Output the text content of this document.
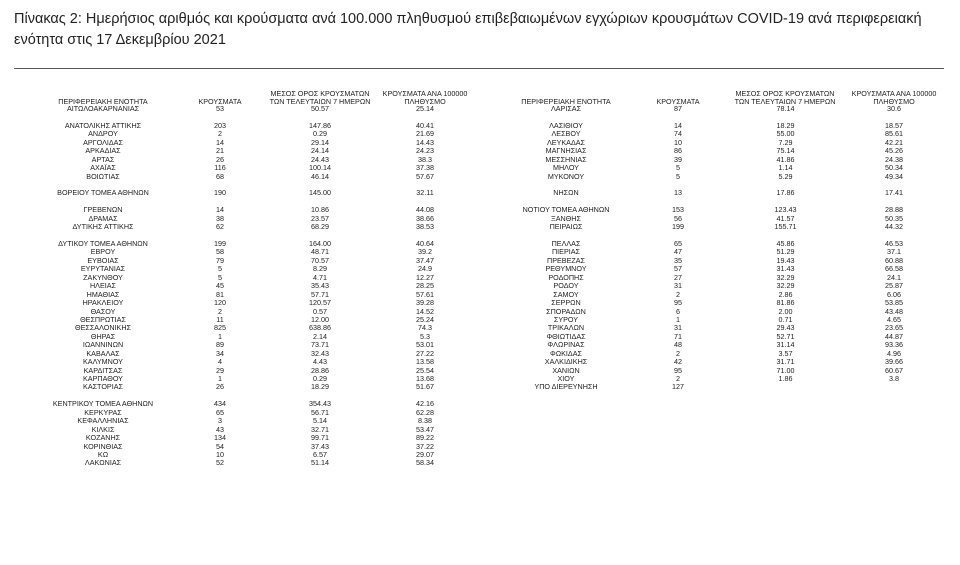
Πίνακας 2: Ημερήσιος αριθμός και κρούσματα ανά 100.000 πληθυσμού επιβεβαιωμένων εγχώριων κρουσμάτων COVID-19 ανά περιφερειακή ενότητα στις 17 Δεκεμβρίου 2021
ΠΕΡΙΦΕΡΕΙΑΚΗ ΕΝΟΤΗΤΑ	ΚΡΟΥΣΜΑΤΑ
ΜΕΣΟΣ ΟΡΟΣ ΚΡΟΥΣΜΑΤΩΝ
ΤΩΝ ΤΕΛΕΥΤΑΙΩΝ 7 ΗΜΕΡΩΝ
ΚΡΟΥΣΜΑΤΑ ΑΝΑ 100000
ΠΛΗΘΥΣΜΟ
ΑΙΤΩΛΟΑΚΑΡΝΑΝΙΑΣ	53	50.57	25.14
ΑΝΑΤΟΛΙΚΗΣ ΑΤΤΙΚΗΣ	203	147.86	40.41
ΑΝΔΡΟΥ	2	0.29	21.69
ΑΡΓΟΛΙΔΑΣ	14	29.14	14.43
ΑΡΚΑΔΙΑΣ	21	24.14	24.23
ΑΡΤΑΣ	26	24.43	38.3
ΑΧΑΪΑΣ	116	100.14	37.38
ΒΟΙΩΤΙΑΣ	68	46.14	57.67
ΒΟΡΕΙΟΥ ΤΟΜΕΑ ΑΘΗΝΩΝ	190	145.00	32.11
ΓΡΕΒΕΝΩΝ	14	10.86	44.08
ΔΡΑΜΑΣ	38	23.57	38.66
ΔΥΤΙΚΗΣ ΑΤΤΙΚΗΣ	62	68.29	38.53
ΔΥΤΙΚΟΥ ΤΟΜΕΑ ΑΘΗΝΩΝ	199	164.00	40.64
ΕΒΡΟΥ	58	48.71	39.2
ΕΥΒΟΙΑΣ	79	70.57	37.47
ΕΥΡΥΤΑΝΙΑΣ	5	8.29	24.9
ΖΑΚΥΝΘΟΥ	5	4.71	12.27
ΗΛΕΙΑΣ	45	35.43	28.25
ΗΜΑΘΙΑΣ	81	57.71	57.61
ΗΡΑΚΛΕΙΟΥ	120	120.57	39.28
ΘΑΣΟΥ	2	0.57	14.52
ΘΕΣΠΡΩΤΙΑΣ	11	12.00	25.24
ΘΕΣΣΑΛΟΝΙΚΗΣ	825	638.86	74.3
ΘΗΡΑΣ	1	2.14	5.3
ΙΩΑΝΝΙΝΩΝ	89	73.71	53.01
ΚΑΒΑΛΑΣ	34	32.43	27.22
ΚΑΛΥΜΝΟΥ	4	4.43	13.58
ΚΑΡΔΙΤΣΑΣ	29	28.86	25.54
ΚΑΡΠΑΘΟΥ	1	0.29	13.68
ΚΑΣΤΟΡΙΑΣ	26	18.29	51.67
ΚΕΝΤΡΙΚΟΥ ΤΟΜΕΑ ΑΘΗΝΩΝ	434	354.43	42.16
ΚΕΡΚΥΡΑΣ	65	56.71	62.28
ΚΕΦΑΛΛΗΝΙΑΣ	3	5.14	8.38
ΚΙΛΚΙΣ	43	32.71	53.47
ΚΟΖΑΝΗΣ	134	99.71	89.22
ΚΟΡΙΝΘΙΑΣ	54	37.43	37.22
ΚΩ	10	6.57	29.07
ΛΑΚΩΝΙΑΣ	52	51.14	58.34
ΠΕΡΙΦΕΡΕΙΑΚΗ ΕΝΟΤΗΤΑ	ΚΡΟΥΣΜΑΤΑ
ΜΕΣΟΣ ΟΡΟΣ ΚΡΟΥΣΜΑΤΩΝ
ΤΩΝ ΤΕΛΕΥΤΑΙΩΝ 7 ΗΜΕΡΩΝ
ΚΡΟΥΣΜΑΤΑ ΑΝΑ 100000
ΠΛΗΘΥΣΜΟ
ΛΑΡΙΣΑΣ	87	78.14	30.6
ΛΑΣΙΘΙΟΥ	14	18.29	18.57
ΛΕΣΒΟΥ	74	55.00	85.61
ΛΕΥΚΑΔΑΣ	10	7.29	42.21
ΜΑΓΝΗΣΙΑΣ	86	75.14	45.26
ΜΕΣΣΗΝΙΑΣ	39	41.86	24.38
ΜΗΛΟΥ	5	1.14	50.34
ΜΥΚΟΝΟΥ	5	5.29	49.34
ΝΗΣΩΝ	13	17.86	17.41
ΝΟΤΙΟΥ ΤΟΜΕΑ ΑΘΗΝΩΝ	153	123.43	28.88
ΞΑΝΘΗΣ	56	41.57	50.35
ΠΕΙΡΑΙΩΣ	199	155.71	44.32
ΠΕΛΛΑΣ	65	45.86	46.53
ΠΙΕΡΙΑΣ	47	51.29	37.1
ΠΡΕΒΕΖΑΣ	35	19.43	60.88
ΡΕΘΥΜΝΟΥ	57	31.43	66.58
ΡΟΔΟΠΗΣ	27	32.29	24.1
ΡΟΔΟΥ	31	32.29	25.87
ΣΑΜΟΥ	2	2.86	6.06
ΣΕΡΡΩΝ	95	81.86	53.85
ΣΠΟΡΑΔΩΝ	6	2.00	43.48
ΣΥΡΟΥ	1	0.71	4.65
ΤΡΙΚΑΛΩΝ	31	29.43	23.65
ΦΘΙΩΤΙΔΑΣ	71	52.71	44.87
ΦΛΩΡΙΝΑΣ	48	31.14	93.36
ΦΩΚΙΔΑΣ	2	3.57	4.96
ΧΑΛΚΙΔΙΚΗΣ	42	31.71	39.66
ΧΑΝΙΩΝ	95	71.00	60.67
ΧΙΟΥ	2	1.86	3.8
ΥΠΟ ΔΙΕΡΕΥΝΗΣΗ	127
